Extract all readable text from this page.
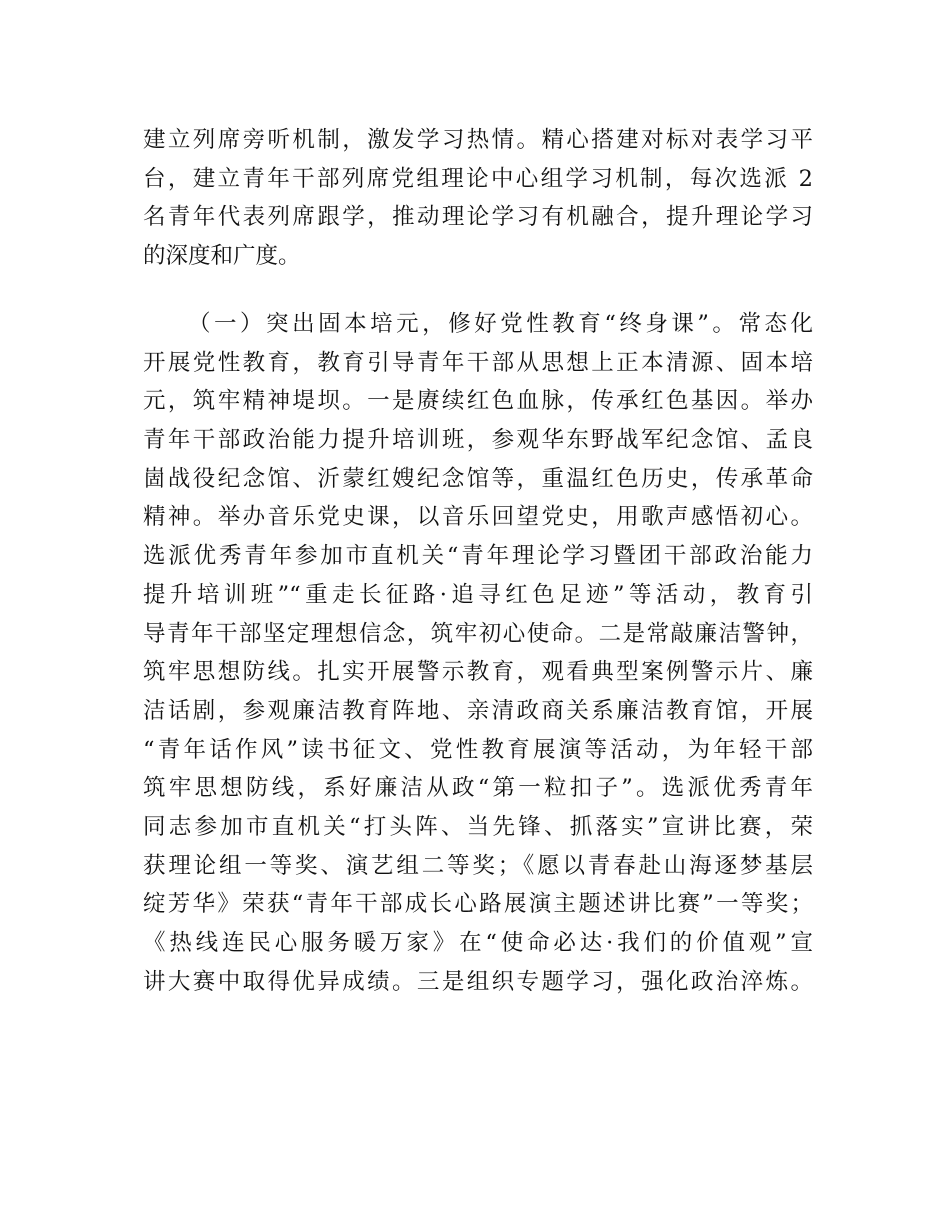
建立列席旁听机制，激发学习热情。精心搭建对标对表学习平
台，建立青年干部列席党组理论中心组学习机制，每次选派 2
名青年代表列席跟学，推动理论学习有机融合，提升理论学习
的深度和广度。
（一）突出固本培元，修好党性教育“终身课”。常态化
开展党性教育，教育引导青年干部从思想上正本清源、固本培
元，筑牢精神堤坝。一是赓续红色血脉，传承红色基因。举办
青年干部政治能力提升培训班，参观华东野战军纪念馆、孟良
崮战役纪念馆、沂蒙红嫂纪念馆等，重温红色历史，传承革命
精神。举办音乐党史课，以音乐回望党史，用歌声感悟初心。
选派优秀青年参加市直机关“青年理论学习暨团干部政治能力
提升培训班”“重走长征路·追寻红色足迹”等活动，教育引
导青年干部坚定理想信念，筑牢初心使命。二是常敲廉洁警钟，
筑牢思想防线。扎实开展警示教育，观看典型案例警示片、廉
洁话剧，参观廉洁教育阵地、亲清政商关系廉洁教育馆，开展
“青年话作风”读书征文、党性教育展演等活动，为年轻干部
筑牢思想防线，系好廉洁从政“第一粒扣子”。选派优秀青年
同志参加市直机关“打头阵、当先锋、抓落实”宣讲比赛，荣
获理论组一等奖、演艺组二等奖；《愿以青春赴山海逐梦基层
绽芳华》荣获“青年干部成长心路展演主题述讲比赛”一等奖；
《热线连民心服务暖万家》在“使命必达·我们的价值观”宣
讲大赛中取得优异成绩。三是组织专题学习，强化政治淬炼。
